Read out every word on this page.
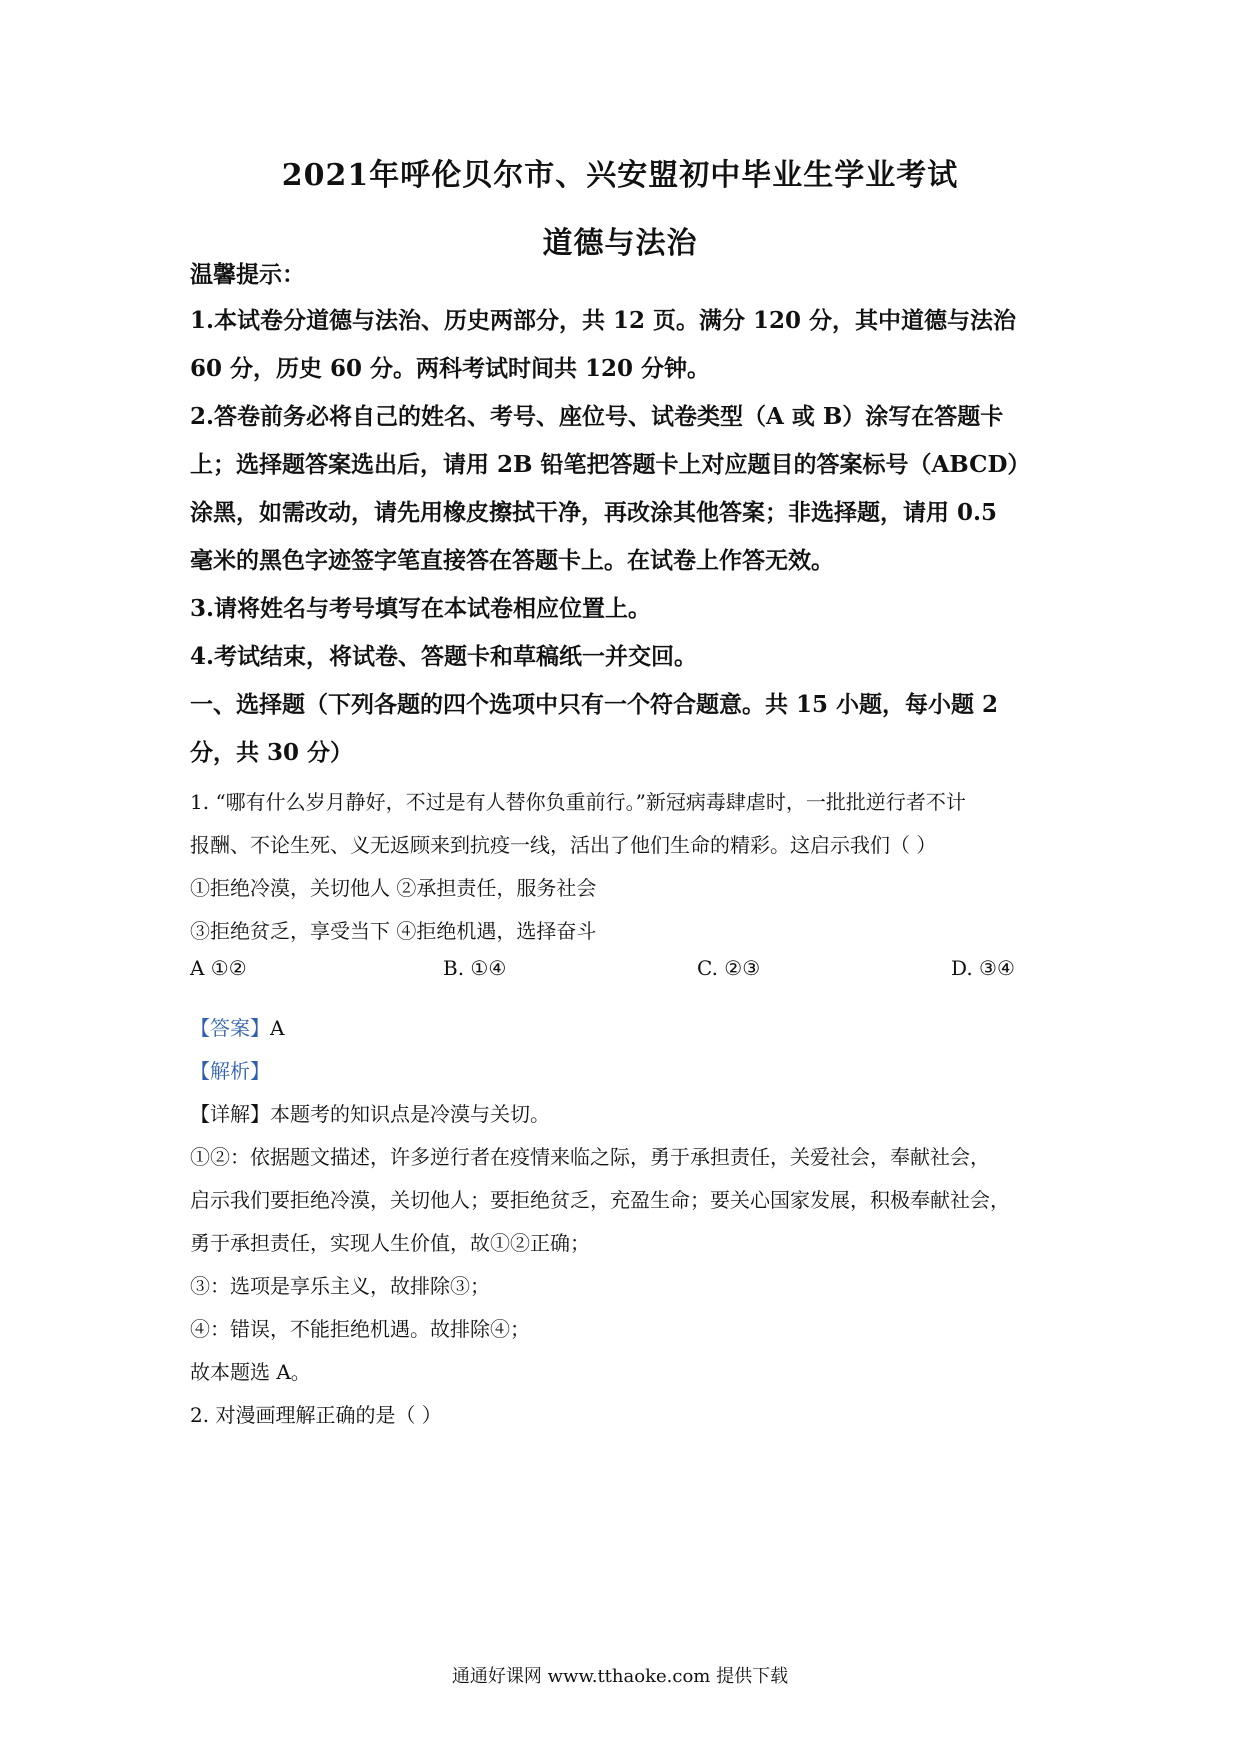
2021年呼伦贝尔市、兴安盟初中毕业生学业考试
道德与法治
温馨提示：
1.本试卷分道德与法治、历史两部分，共 12 页。满分 120 分，其中道德与法治
60 分，历史 60 分。两科考试时间共 120 分钟。
2.答卷前务必将自己的姓名、考号、座位号、试卷类型（A 或 B）涂写在答题卡
上；选择题答案选出后，请用 2B 铅笔把答题卡上对应题目的答案标号（ABCD）
涂黑，如需改动，请先用橡皮擦拭干净，再改涂其他答案；非选择题，请用 0.5
毫米的黑色字迹签字笔直接答在答题卡上。在试卷上作答无效。
3.请将姓名与考号填写在本试卷相应位置上。
4.考试结束，将试卷、答题卡和草稿纸一并交回。
一、选择题（下列各题的四个选项中只有一个符合题意。共 15 小题，每小题 2
分，共 30 分）
1. “哪有什么岁月静好，不过是有人替你负重前行。”新冠病毒肆虐时，一批批逆行者不计
报酬、不论生死、义无返顾来到抗疫一线，活出了他们生命的精彩。这启示我们（ ）
①拒绝冷漠，关切他人 ②承担责任，服务社会
③拒绝贫乏，享受当下 ④拒绝机遇，选择奋斗
A ①②	B. ①④	C. ②③	D. ③④
【答案】A
【解析】
【详解】本题考的知识点是冷漠与关切。
①②：依据题文描述，许多逆行者在疫情来临之际，勇于承担责任，关爱社会，奉献社会，
启示我们要拒绝冷漠，关切他人；要拒绝贫乏，充盈生命；要关心国家发展，积极奉献社会，
勇于承担责任，实现人生价值，故①②正确；
③：选项是享乐主义，故排除③；
④：错误，不能拒绝机遇。故排除④；
故本题选 A。
2. 对漫画理解正确的是（ ）
通通好课网 www.tthaoke.com 提供下载
